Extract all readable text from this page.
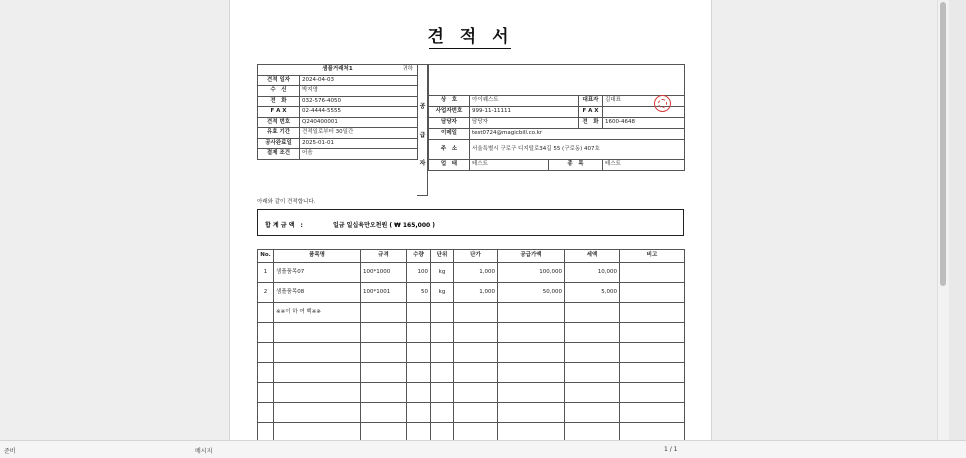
견 적 서
샘플거래처1 귀하	

견적 일자	2024-04-03
수　신	박지영
전　화	032-576-4050
F A X	02-4444-5555
견적 번호	Q240400001
유효 기간	견적일로부터 30일간
공사완료일	2025-01-01
결제 조건	어음
공
급
자

상　호	아이퀘스트		대표자	김대표
사업자번호	999-11-11111		F A X	
담당자	담당자		전　화	1600-4648
이메일	test0724@magicbill.co.kr			
주　소	서울특별시 구로구 디지털로34길 55 (구로동) 407호			
업　태	테스트	종　목		테스트
아래와 같이 견적합니다.
합 계 금 액　:	일금 일십육만오천원 ( ₩ 165,000 )
No.	품목명	규격	수량	단위	단가	공급가액	세액	비고
1	샘플품목07	100*1000	100	kg	1,000	100,000	10,000	
2	샘플품목08	100*1001	50	kg	1,000	50,000	5,000	
	※※이 하 여 백※※							

준비	메시지	1 / 1
